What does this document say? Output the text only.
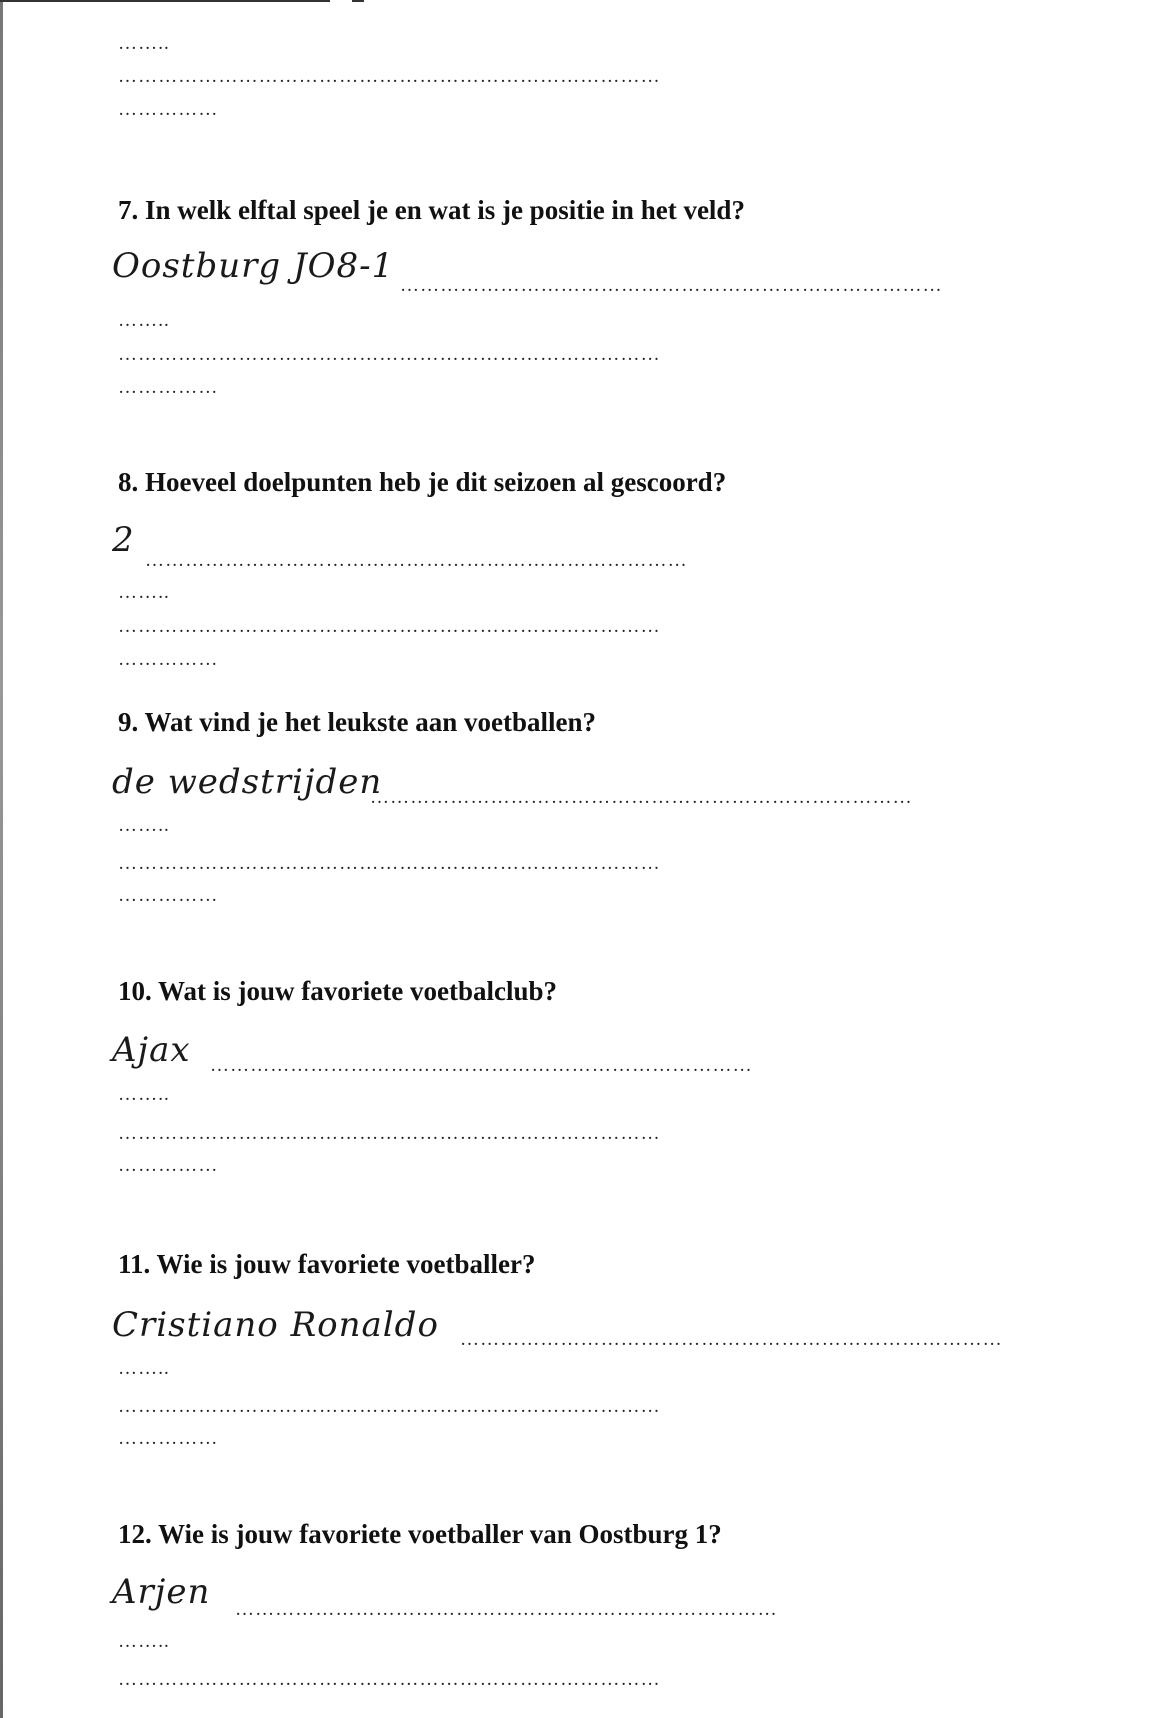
……..
………………………………………………………………………
……………
7. In welk elftal speel je en wat is je positie in het veld?
Oostburg JO8-1 ………………………………………………………………………
……..
………………………………………………………………………
……………
8. Hoeveel doelpunten heb je dit seizoen al gescoord?
2
………………………………………………………………………
……..
………………………………………………………………………
……………
9. Wat vind je het leukste aan voetballen?
de wedstrijden
………………………………………………………………………
……..
………………………………………………………………………
……………
10. Wat is jouw favoriete voetbalclub?
Ajax ………………………………………………………………………
……..
………………………………………………………………………
……………
11. Wie is jouw favoriete voetballer?
Cristiano Ronaldo ………………………………………………………………………
……..
………………………………………………………………………
……………
12. Wie is jouw favoriete voetballer van Oostburg 1?
Arjen ………………………………………………………………………
……..
………………………………………………………………………
